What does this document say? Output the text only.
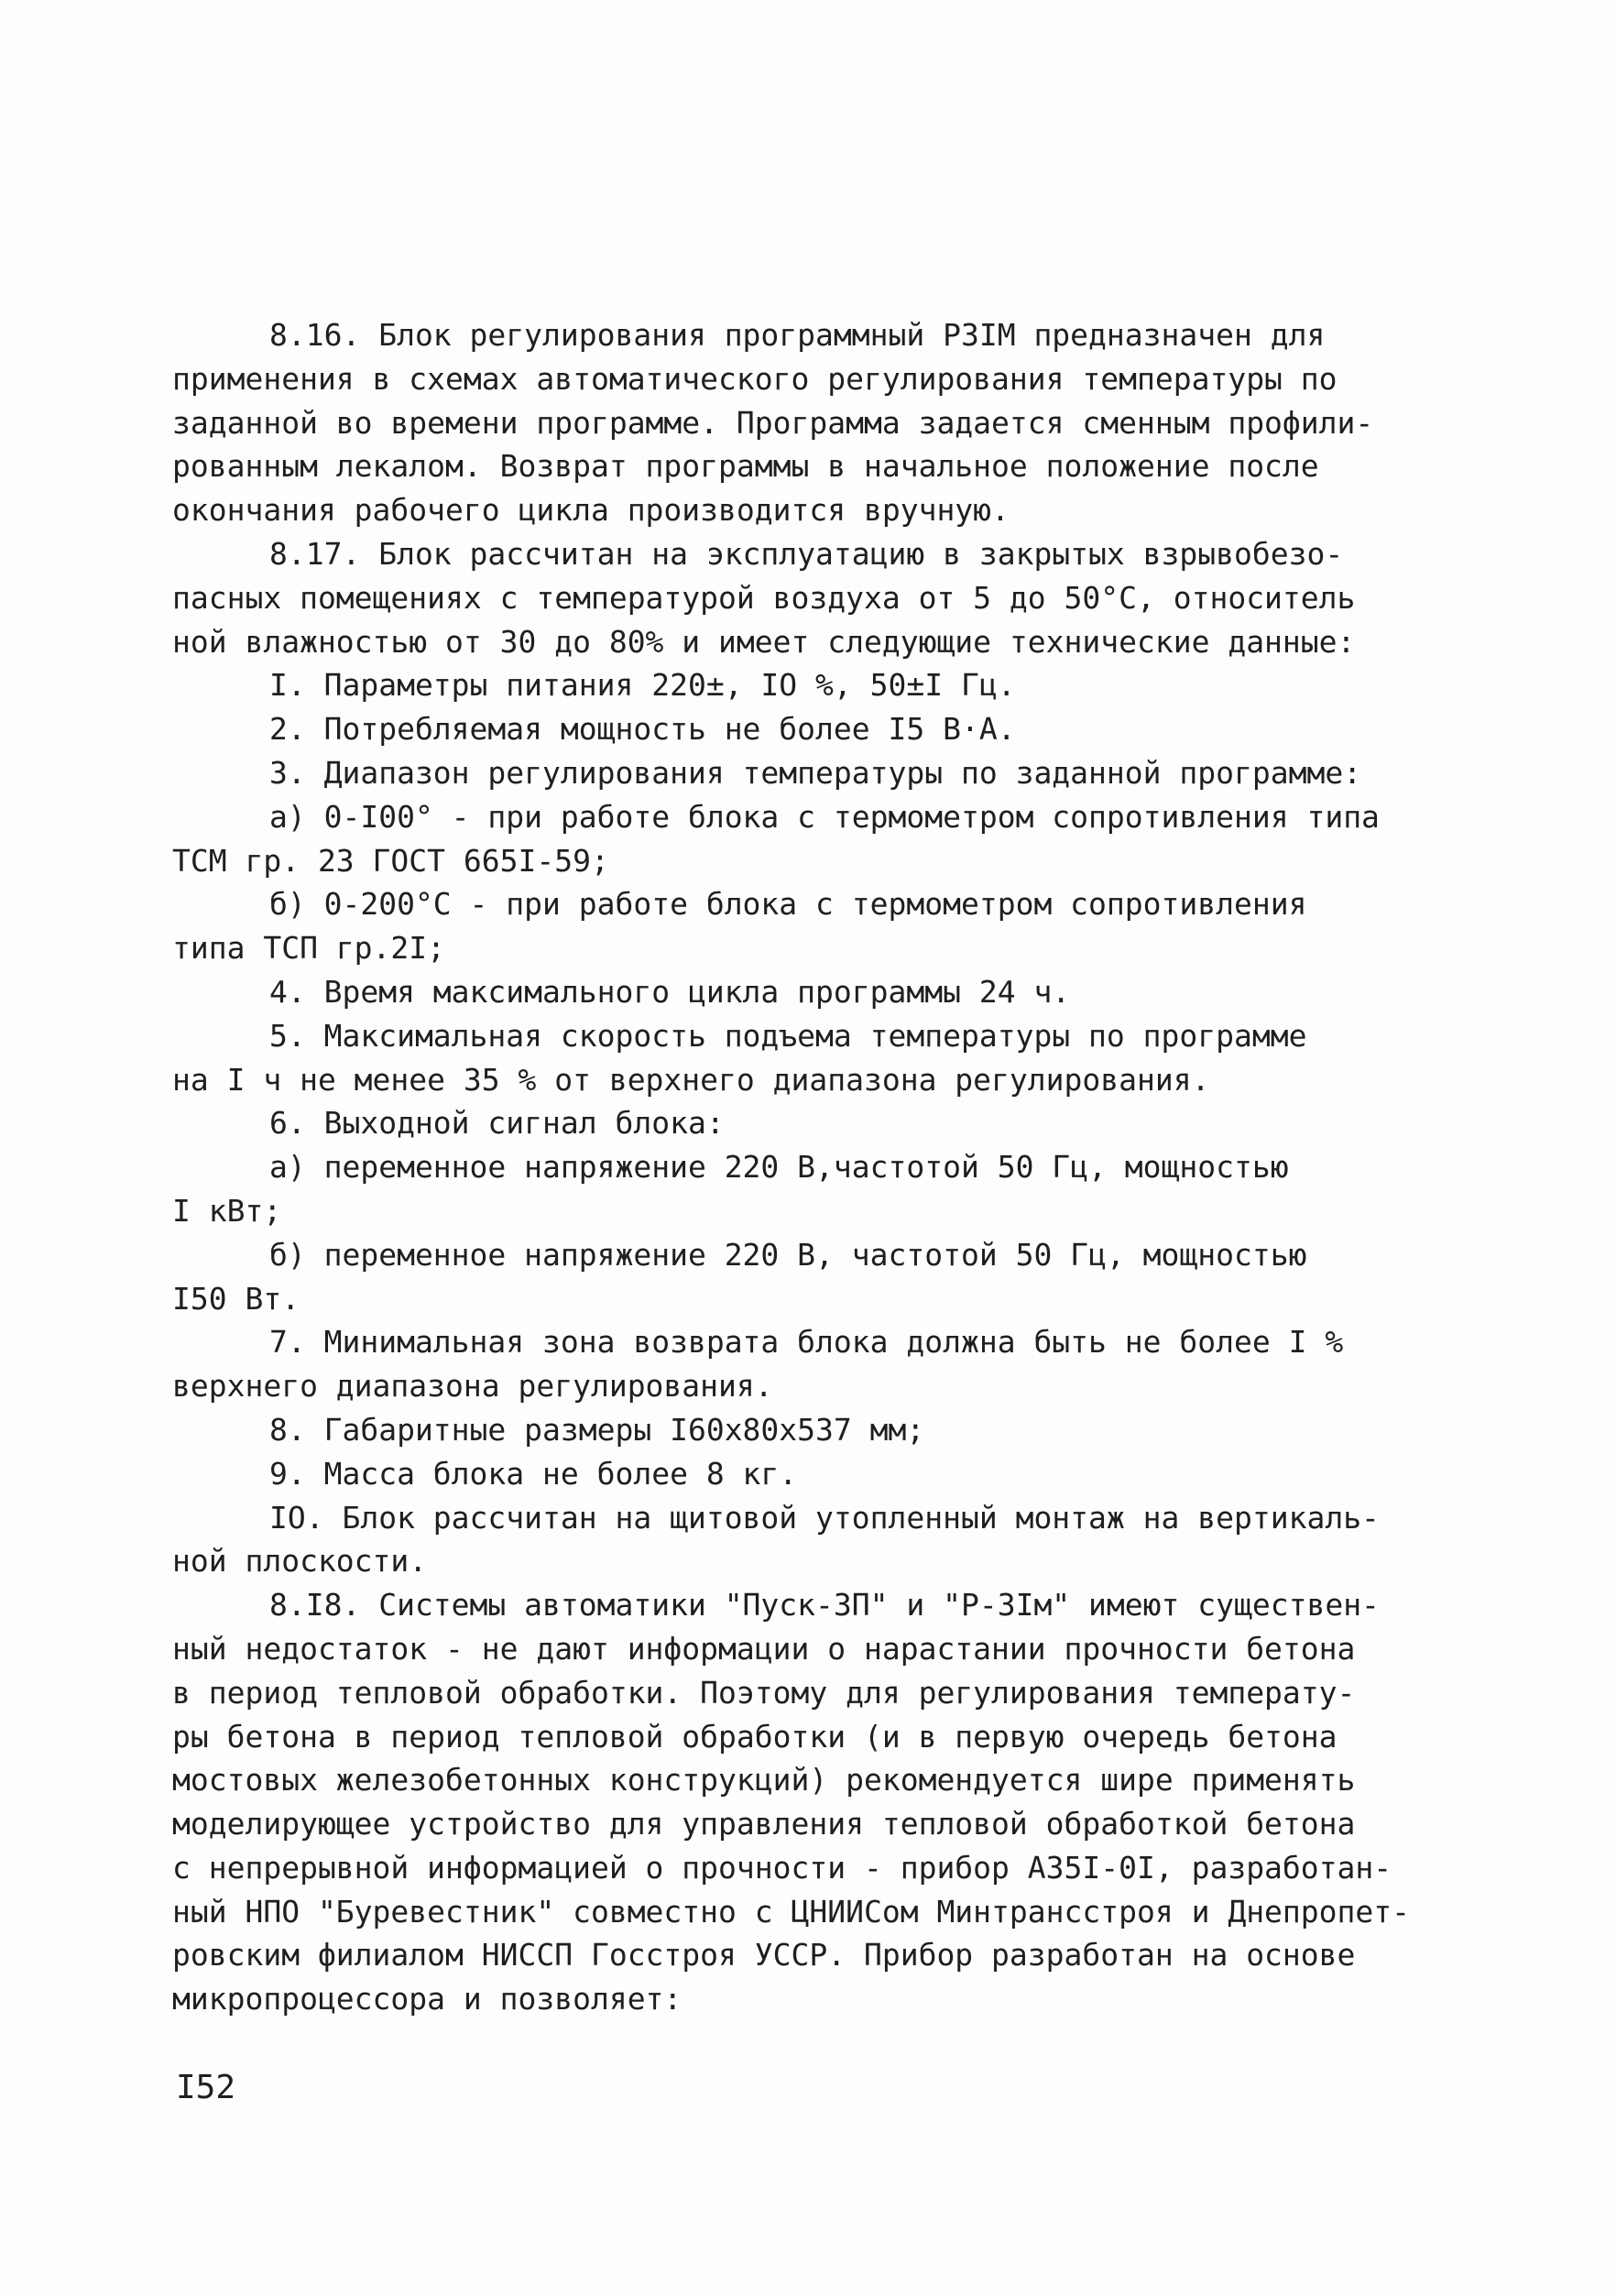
8.16. Блок регулирования программный РЗIМ предназначен для
применения в схемах автоматического регулирования температуры по
заданной во времени программе. Программа задается сменным профили-
рованным лекалом. Возврат программы в начальное положение после
окончания рабочего цикла производится вручную.
8.17. Блок рассчитан на эксплуатацию в закрытых взрывобезо-
пасных помещениях с температурой воздуха от 5 до 50°С, относитель
ной влажностью от 30 до 80% и имеет следующие технические данные:
I. Параметры питания 220±, IO %, 50±I Гц.
2. Потребляемая мощность не более I5 В·А.
3. Диапазон регулирования температуры по заданной программе:
а) 0-I00° - при работе блока с термометром сопротивления типа
ТСМ гр. 23 ГОСТ 665I-59;
б) 0-200°С - при работе блока с термометром сопротивления
типа ТСП гр.2I;
4. Время максимального цикла программы 24 ч.
5. Максимальная скорость подъема температуры по программе
на I ч не менее 35 % от верхнего диапазона регулирования.
6. Выходной сигнал блока:
а) переменное напряжение 220 В,частотой 50 Гц, мощностью
I кВт;
б) переменное напряжение 220 В, частотой 50 Гц, мощностью
I50 Вт.
7. Минимальная зона возврата блока должна быть не более I %
верхнего диапазона регулирования.
8. Габаритные размеры I60x80x537 мм;
9. Масса блока не более 8 кг.
IO. Блок рассчитан на щитовой утопленный монтаж на вертикаль-
ной плоскости.
8.I8. Системы автоматики "Пуск-3П" и "Р-3Iм" имеют существен-
ный недостаток - не дают информации о нарастании прочности бетона
в период тепловой обработки. Поэтому для регулирования температу-
ры бетона в период тепловой обработки (и в первую очередь бетона
мостовых железобетонных конструкций) рекомендуется шире применять
моделирующее устройство для управления тепловой обработкой бетона
с непрерывной информацией о прочности - прибор АЗ5I-0I, разработан-
ный НПО "Буревестник" совместно с ЦНИИСом Минтрансстроя и Днепропет-
ровским филиалом НИССП Госстроя УССР. Прибор разработан на основе
микропроцессора и позволяет:
I52
